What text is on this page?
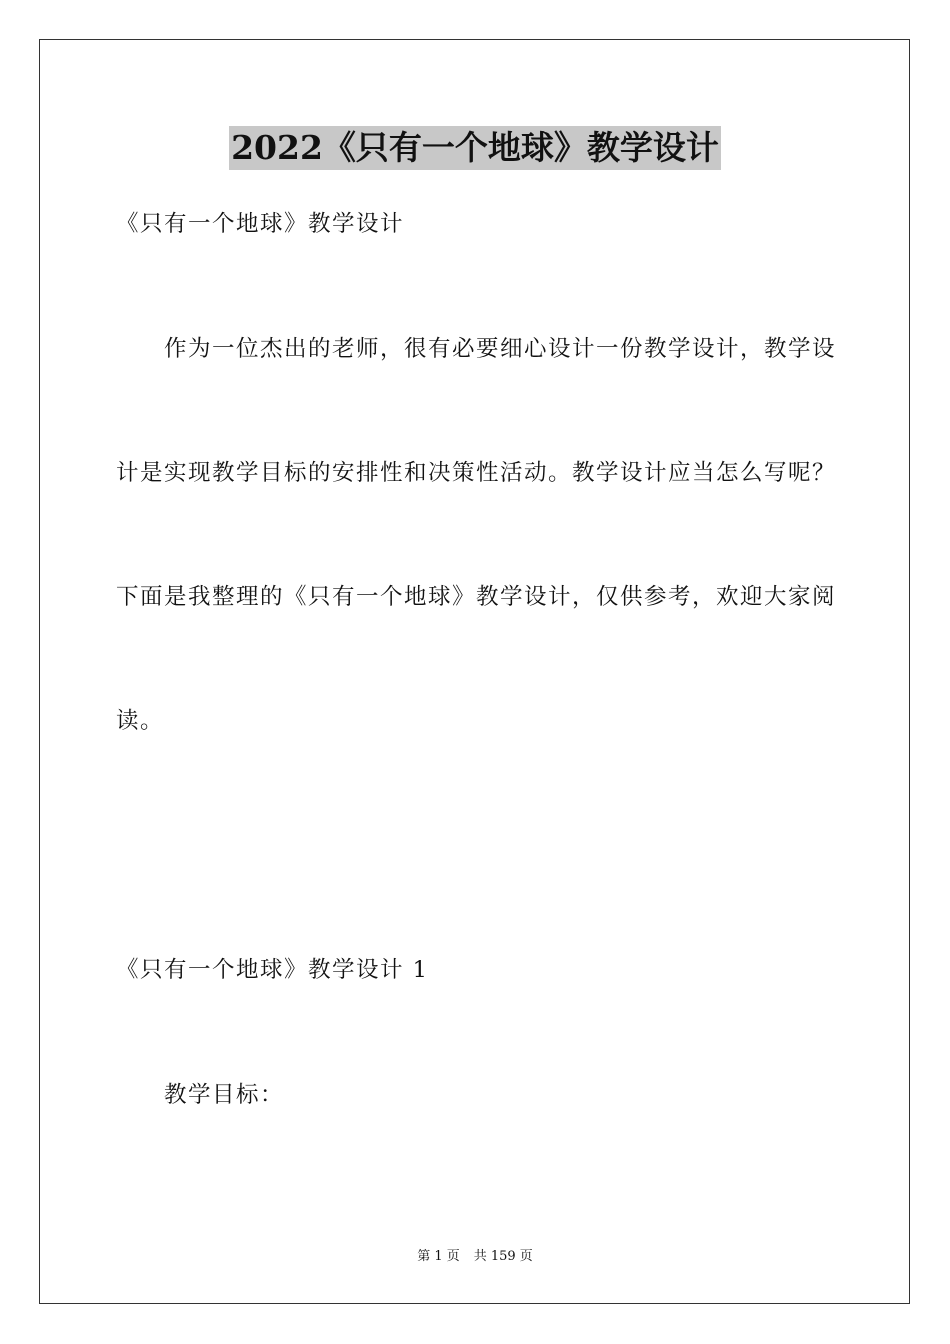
2022《只有一个地球》教学设计
《只有一个地球》教学设计
作为一位杰出的老师，很有必要细心设计一份教学设计，教学设
计是实现教学目标的安排性和决策性活动。教学设计应当怎么写呢？
下面是我整理的《只有一个地球》教学设计，仅供参考，欢迎大家阅
读。
《只有一个地球》教学设计 1
教学目标：
第 1 页 共 159 页
